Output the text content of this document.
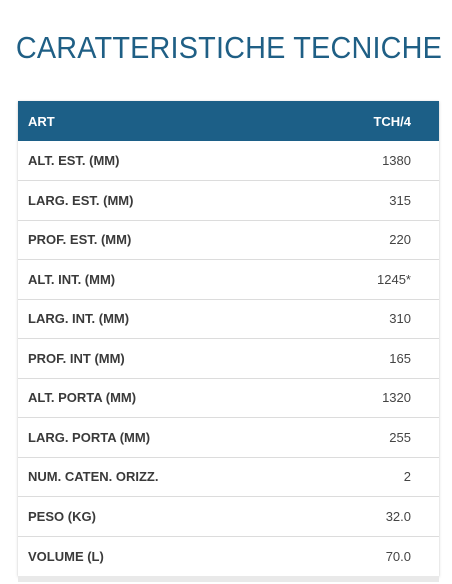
CARATTERISTICHE TECNICHE
ART	TCH/4
ALT. EST. (MM)	1380
LARG. EST. (MM)	315
PROF. EST. (MM)	220
ALT. INT. (MM)	1245*
LARG. INT. (MM)	310
PROF. INT (MM)	165
ALT. PORTA (MM)	1320
LARG. PORTA (MM)	255
NUM. CATEN. ORIZZ.	2
PESO (KG)	32.0
VOLUME (L)	70.0
